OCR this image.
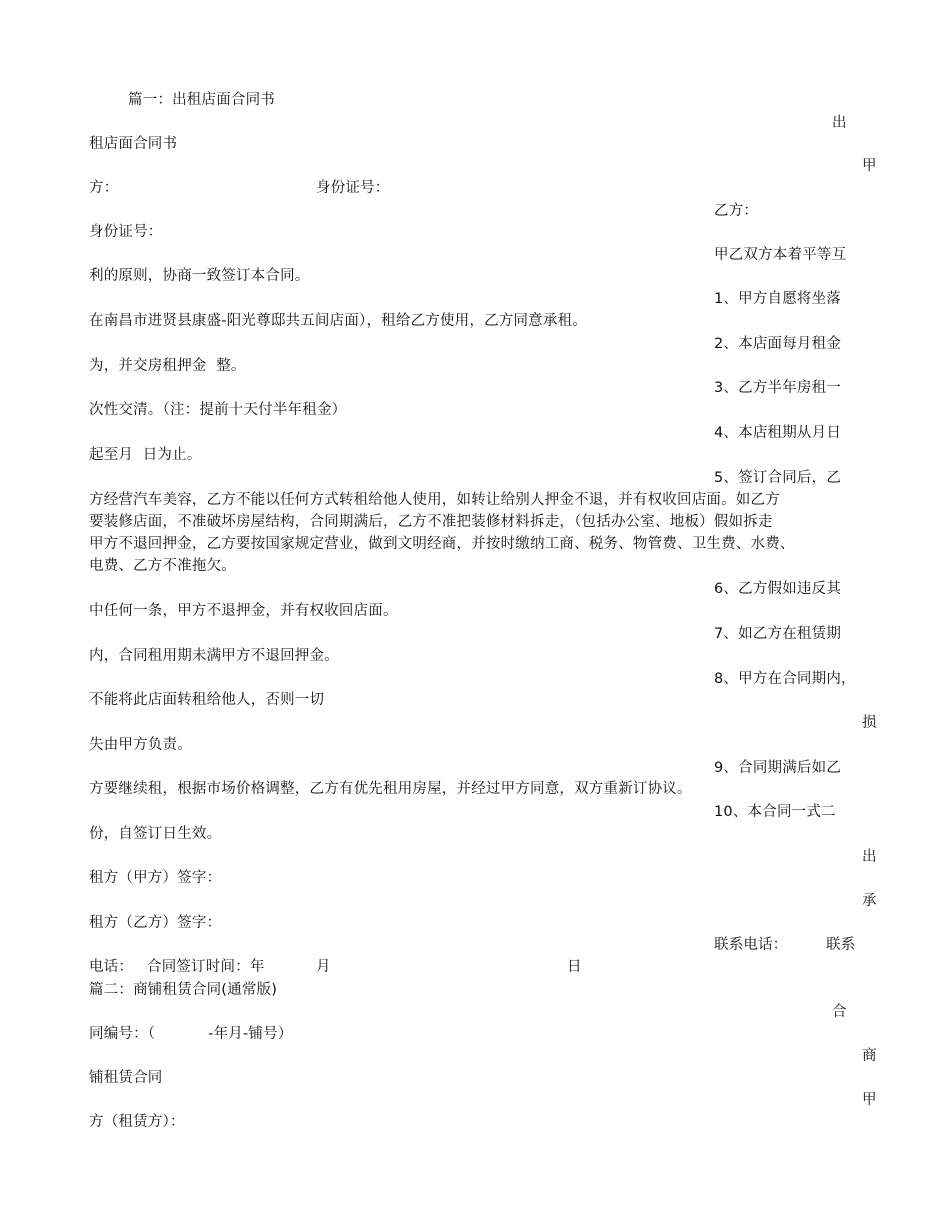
篇一：出租店面合同书
出
租店面合同书
甲
方：	身份证号：
乙方：
身份证号：
甲乙双方本着平等互
利的原则，协商一致签订本合同。
1、甲方自愿将坐落
在南昌市进贤县康盛-阳光尊邸共五间店面），租给乙方使用，乙方同意承租。
2、本店面每月租金
为，并交房租押金  整。
3、乙方半年房租一
次性交清。（注：提前十天付半年租金）
4、本店租期从月日
起至月  日为止。
5、签订合同后，乙
方经营汽车美容，乙方不能以任何方式转租给他人使用，如转让给别人押金不退，并有权收回店面。如乙方
要装修店面，不准破坏房屋结构，合同期满后，乙方不准把装修材料拆走，（包括办公室、地板）假如拆走
甲方不退回押金，乙方要按国家规定营业，做到文明经商，并按时缴纳工商、税务、物管费、卫生费、水费、
电费、乙方不准拖欠。
6、乙方假如违反其
中任何一条，甲方不退押金，并有权收回店面。
7、如乙方在租赁期
内，合同租用期未满甲方不退回押金。
8、甲方在合同期内，
不能将此店面转租给他人，否则一切
损
失由甲方负责。
9、合同期满后如乙
方要继续租，根据市场价格调整，乙方有优先租用房屋，并经过甲方同意，双方重新订协议。
10、本合同一式二
份，自签订日生效。
出
租方（甲方）签字：
承
联系电话：	联系
租方（乙方）签字：
电话： 合同签订时间：年	月	日
篇二：商铺租赁合同(通常版)
合
同编号：（           -年月-铺号）
商
铺租赁合同
甲
方（租赁方）：
